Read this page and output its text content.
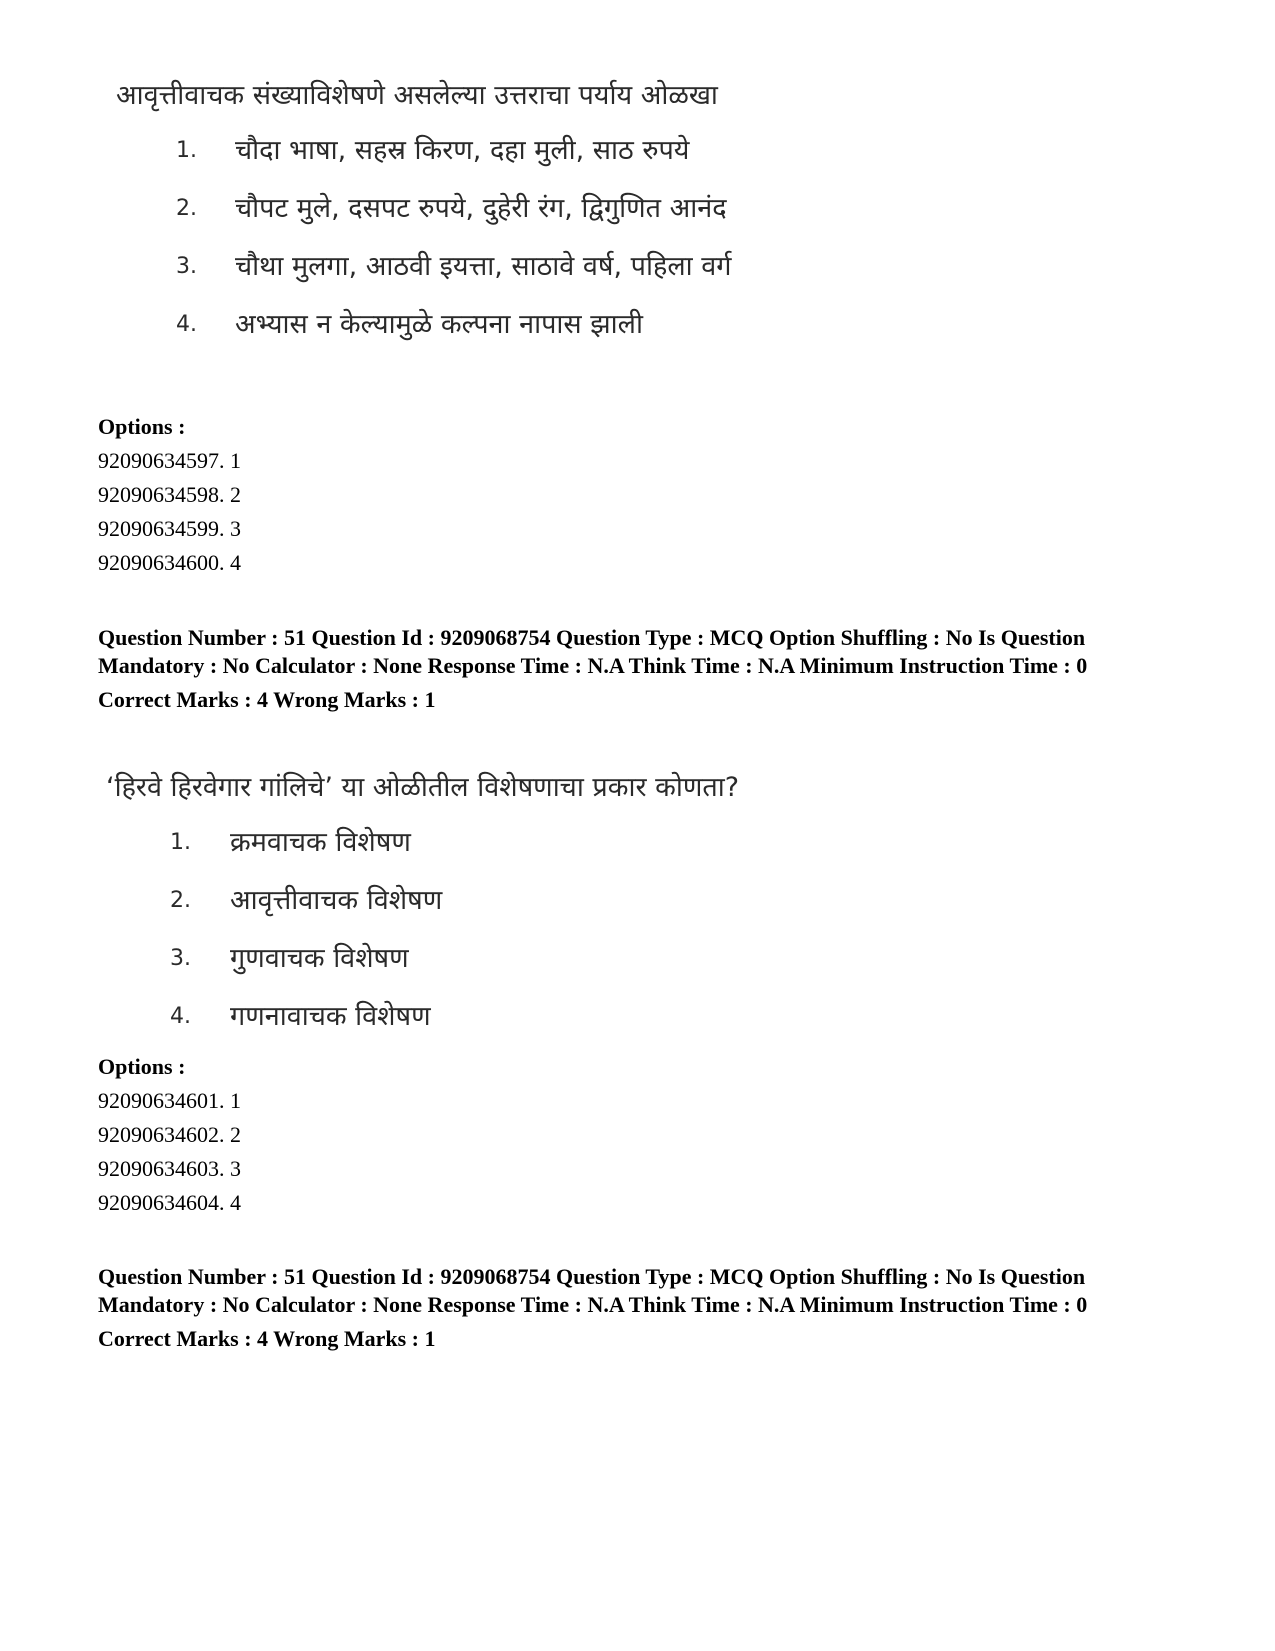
आवृत्तीवाचक संख्याविशेषणे असलेल्या उत्तराचा पर्याय ओळखा
1. चौदा भाषा, सहस्र किरण, दहा मुली, साठ रुपये
2. चौपट मुले, दसपट रुपये, दुहेरी रंग, द्विगुणित आनंद
3. चौथा मुलगा, आठवी इयत्ता, साठावे वर्ष, पहिला वर्ग
4. अभ्यास न केल्यामुळे कल्पना नापास झाली
Options :
92090634597. 1
92090634598. 2
92090634599. 3
92090634600. 4

Question Number : 51 Question Id : 9209068754 Question Type : MCQ Option Shuffling : No Is Question Mandatory : No Calculator : None Response Time : N.A Think Time : N.A Minimum Instruction Time : 0

Correct Marks : 4 Wrong Marks : 1
‘हिरवे हिरवेगार गांलिचे’ या ओळीतील विशेषणाचा प्रकार कोणता?
1. क्रमवाचक विशेषण
2. आवृत्तीवाचक विशेषण
3. गुणवाचक विशेषण
4. गणनावाचक विशेषण
Options :
92090634601. 1
92090634602. 2
92090634603. 3
92090634604. 4

Question Number : 51 Question Id : 9209068754 Question Type : MCQ Option Shuffling : No Is Question Mandatory : No Calculator : None Response Time : N.A Think Time : N.A Minimum Instruction Time : 0

Correct Marks : 4 Wrong Marks : 1
